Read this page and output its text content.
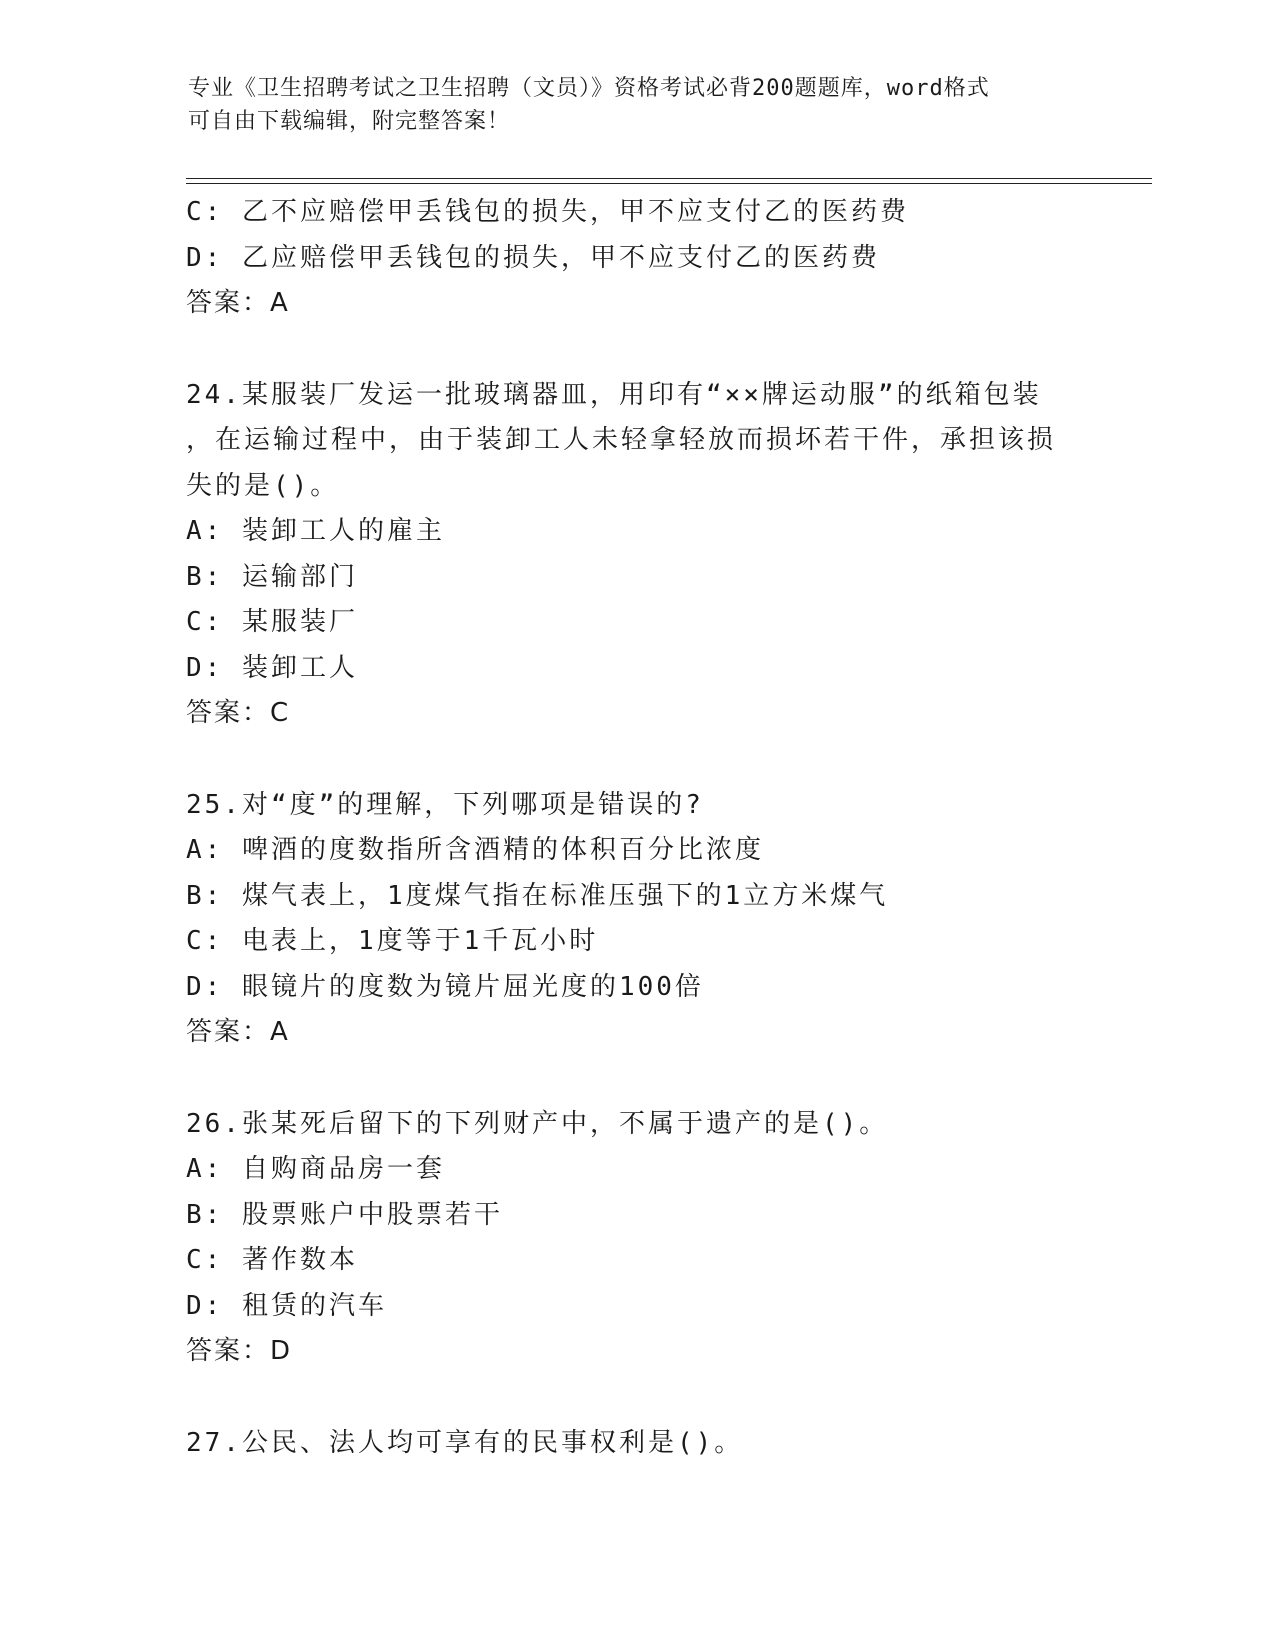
专业《卫生招聘考试之卫生招聘（文员）》资格考试必背200题题库，word格式
可自由下载编辑，附完整答案！
C: 乙不应赔偿甲丢钱包的损失，甲不应支付乙的医药费
D: 乙应赔偿甲丢钱包的损失，甲不应支付乙的医药费
答案：A
24.某服装厂发运一批玻璃器皿，用印有“××牌运动服”的纸箱包装
，在运输过程中，由于装卸工人未轻拿轻放而损坏若干件，承担该损
失的是()。
A: 装卸工人的雇主
B: 运输部门
C: 某服装厂
D: 装卸工人
答案：C
25.对“度”的理解，下列哪项是错误的?
A: 啤酒的度数指所含酒精的体积百分比浓度
B: 煤气表上，1度煤气指在标准压强下的1立方米煤气
C: 电表上，1度等于1千瓦小时
D: 眼镜片的度数为镜片屈光度的100倍
答案：A
26.张某死后留下的下列财产中，不属于遗产的是()。
A: 自购商品房一套
B: 股票账户中股票若干
C: 著作数本
D: 租赁的汽车
答案：D
27.公民、法人均可享有的民事权利是()。
